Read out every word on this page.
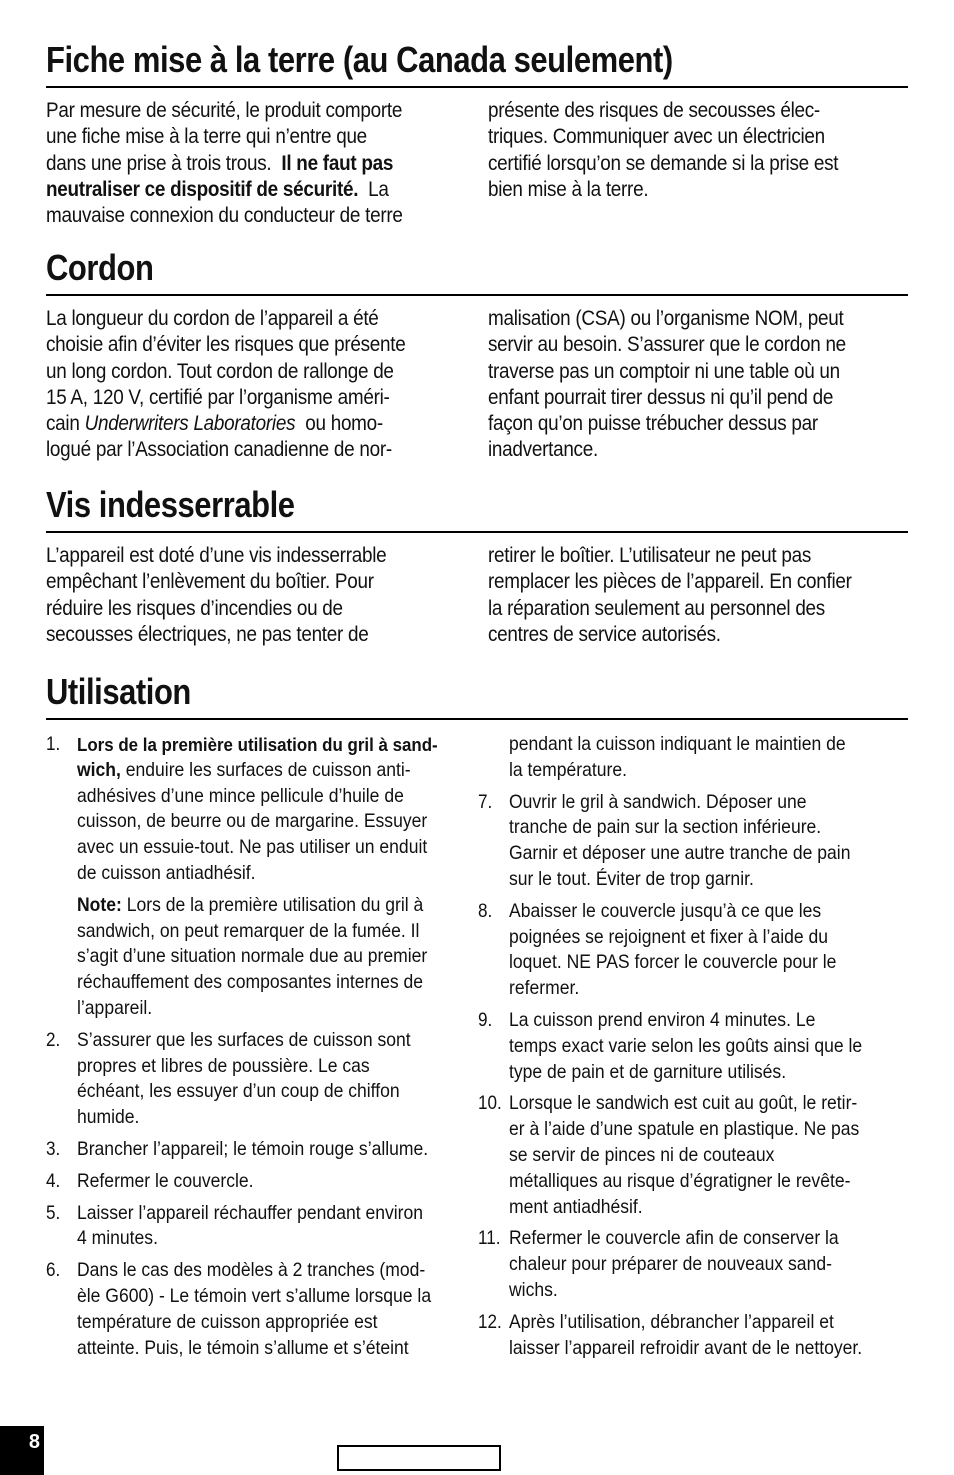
Fiche mise à la terre (au Canada seulement)

Par mesure de sécurité, le produit comporte
une fiche mise à la terre qui n’entre que
dans une prise à trois trous.  Il ne faut pas
neutraliser ce dispositif de sécurité.  La
mauvaise connexion du conducteur de terre

présente des risques de secousses élec-
triques. Communiquer avec un électricien
certifié lorsqu’on se demande si la prise est
bien mise à la terre.

Cordon

La longueur du cordon de l’appareil a été
choisie afin d’éviter les risques que présente
un long cordon. Tout cordon de rallonge de
15 A, 120 V, certifié par l’organisme améri-
cain Underwriters Laboratories  ou homo-
logué par l’Association canadienne de nor-

malisation (CSA) ou l’organisme NOM, peut
servir au besoin. S’assurer que le cordon ne
traverse pas un comptoir ni une table où un
enfant pourrait tirer dessus ni qu’il pend de
façon qu’on puisse trébucher dessus par
inadvertance.

Vis indesserrable

L’appareil est doté d’une vis indesserrable
empêchant l’enlèvement du boîtier. Pour
réduire les risques d’incendies ou de
secousses électriques, ne pas tenter de

retirer le boîtier. L’utilisateur ne peut pas
remplacer les pièces de l’appareil. En confier
la réparation seulement au personnel des
centres de service autorisés.

Utilisation
1. Lors de la première utilisation du gril à sand-
wich, enduire les surfaces de cuisson anti-
adhésives d’une mince pellicule d’huile de
cuisson, de beurre ou de margarine. Essuyer
avec un essuie-tout. Ne pas utiliser un enduit
de cuisson antiadhésif.
Note: Lors de la première utilisation du gril à
sandwich, on peut remarquer de la fumée. Il
s’agit d’une situation normale due au premier
réchauffement des composantes internes de
l’appareil.
2. S’assurer que les surfaces de cuisson sont
propres et libres de poussière. Le cas
échéant, les essuyer d’un coup de chiffon
humide.
3. Brancher l’appareil; le témoin rouge s’allume.
4. Refermer le couvercle.
5. Laisser l’appareil réchauffer pendant environ
4 minutes.
6. Dans le cas des modèles à 2 tranches (mod-
èle G600) - Le témoin vert s’allume lorsque la
température de cuisson appropriée est
atteinte. Puis, le témoin s’allume et s’éteint
pendant la cuisson indiquant le maintien de
la température.
7. Ouvrir le gril à sandwich. Déposer une
tranche de pain sur la section inférieure.
Garnir et déposer une autre tranche de pain
sur le tout. Éviter de trop garnir.
8. Abaisser le couvercle jusqu’à ce que les
poignées se rejoignent et fixer à l’aide du
loquet. NE PAS forcer le couvercle pour le
refermer.
9. La cuisson prend environ 4 minutes. Le
temps exact varie selon les goûts ainsi que le
type de pain et de garniture utilisés.
10. Lorsque le sandwich est cuit au goût, le retir-
er à l’aide d’une spatule en plastique. Ne pas
se servir de pinces ni de couteaux
métalliques au risque d’égratigner le revête-
ment antiadhésif.
11. Refermer le couvercle afin de conserver la
chaleur pour préparer de nouveaux sand-
wichs.
12. Après l’utilisation, débrancher l’appareil et
laisser l’appareil refroidir avant de le nettoyer.
8
